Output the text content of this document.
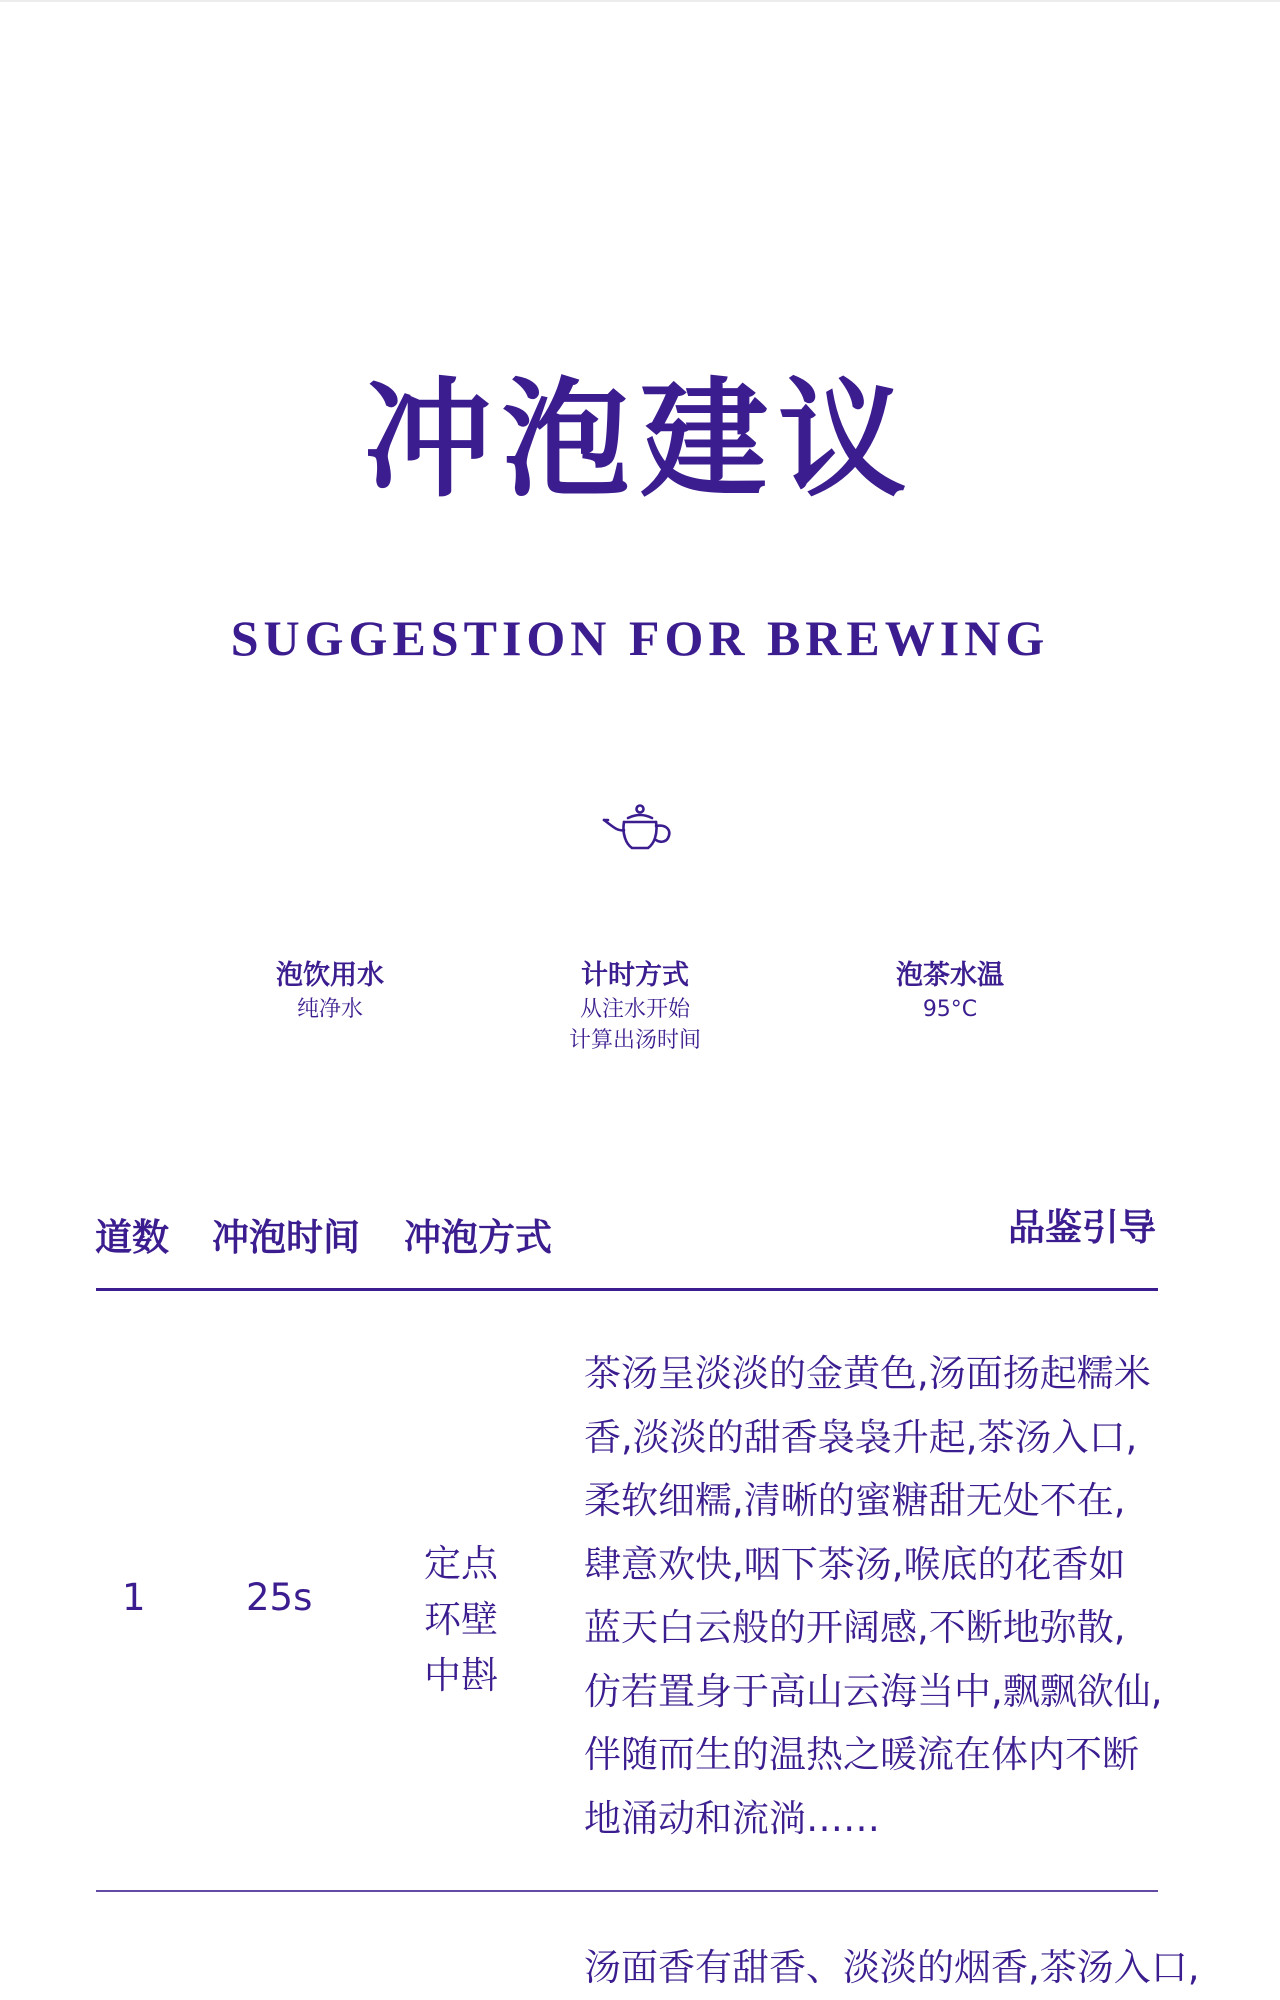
冲泡建议
SUGGESTION FOR BREWING
泡饮用水
纯净水
计时方式
从注水开始
计算出汤时间
泡茶水温
95°C
道数 冲泡时间 冲泡方式	品鉴引导
1	25s
定点
环壁
中斟
茶汤呈淡淡的金黄色,汤面扬起糯米
香,淡淡的甜香袅袅升起,茶汤入口,
柔软细糯,清晰的蜜糖甜无处不在,
肆意欢快,咽下茶汤,喉底的花香如
蓝天白云般的开阔感,不断地弥散,
仿若置身于高山云海当中,飘飘欲仙,
伴随而生的温热之暖流在体内不断
地涌动和流淌……
汤面香有甜香、淡淡的烟香,茶汤入口,
